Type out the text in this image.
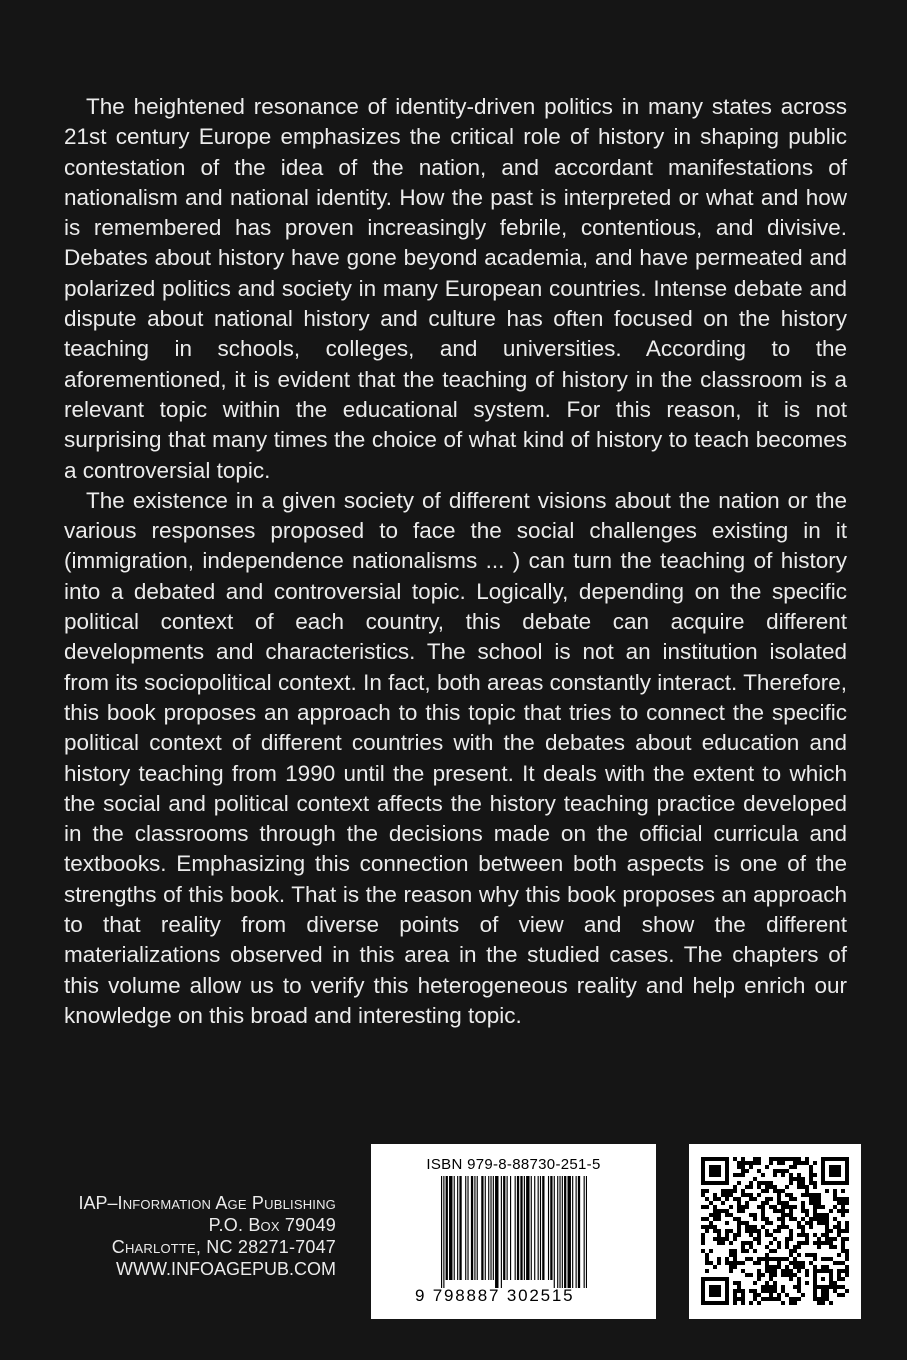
The heightened resonance of identity-driven politics in many states across 21st century Europe emphasizes the critical role of history in shaping public contestation of the idea of the nation, and accordant manifestations of nationalism and national identity. How the past is interpreted or what and how is remembered has proven increasingly febrile, contentious, and divisive. Debates about history have gone beyond academia, and have permeated and polarized politics and society in many European countries. Intense debate and dispute about national history and culture has often focused on the history teaching in schools, colleges, and universities. According to the aforementioned, it is evident that the teaching of history in the classroom is a relevant topic within the educational system. For this reason, it is not surprising that many times the choice of what kind of history to teach becomes a controversial topic.

The existence in a given society of different visions about the nation or the various responses proposed to face the social challenges existing in it (immigration, independence nationalisms ... ) can turn the teaching of history into a debated and controversial topic. Logically, depending on the specific political context of each country, this debate can acquire different developments and characteristics. The school is not an institution isolated from its sociopolitical context. In fact, both areas constantly interact. Therefore, this book proposes an approach to this topic that tries to connect the specific political context of different countries with the debates about education and history teaching from 1990 until the present. It deals with the extent to which the social and political context affects the history teaching practice developed in the classrooms through the decisions made on the official curricula and textbooks. Emphasizing this connection between both aspects is one of the strengths of this book. That is the reason why this book proposes an approach to that reality from diverse points of view and show the different materializations observed in this area in the studied cases. The chapters of this volume allow us to verify this heterogeneous reality and help enrich our knowledge on this broad and interesting topic.

IAP–Information Age Publishing
P.O. Box 79049
Charlotte, NC 28271-7047
WWW.INFOAGEPUB.COM
ISBN 979-8-88730-251-5
9 798887 302515
